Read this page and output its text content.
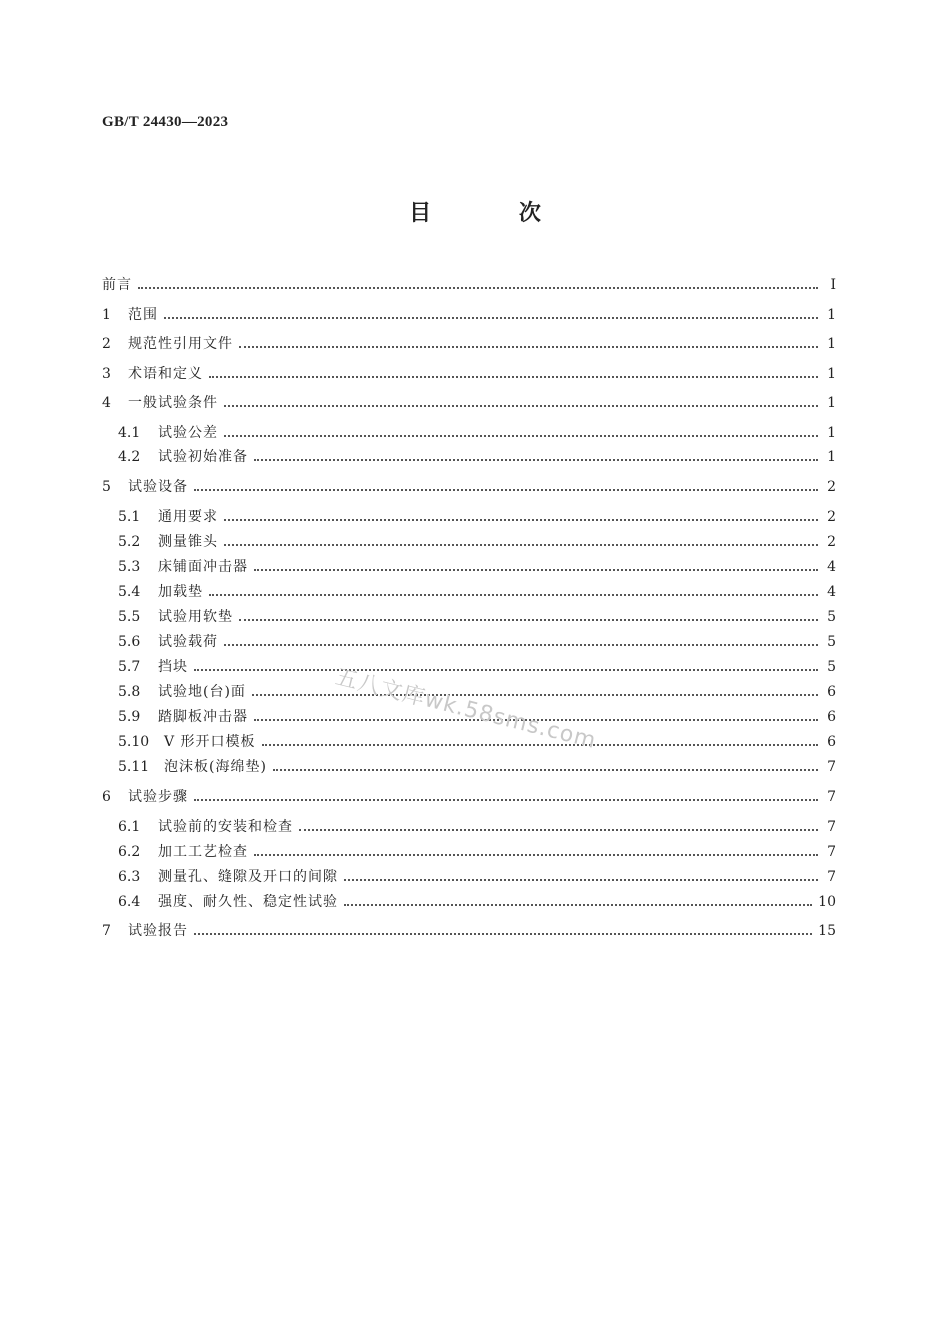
GB/T 24430—2023
目 次
前言	Ⅰ
1	范围	1
2	规范性引用文件	1
3	术语和定义	1
4	一般试验条件	1
4.1	试验公差	1
4.2	试验初始准备	1
5	试验设备	2
5.1	通用要求	2
5.2	测量锥头	2
5.3	床铺面冲击器	4
5.4	加载垫	4
5.5	试验用软垫	5
5.6	试验载荷	5
5.7	挡块	5
5.8	试验地(台)面	6
5.9	踏脚板冲击器	6
5.10	V 形开口模板	6
5.11	泡沫板(海绵垫)	7
6	试验步骤	7
6.1	试验前的安装和检查	7
6.2	加工工艺检查	7
6.3	测量孔、缝隙及开口的间隙	7
6.4	强度、耐久性、稳定性试验	10
7	试验报告	15
五八文库wk.58sms.com
